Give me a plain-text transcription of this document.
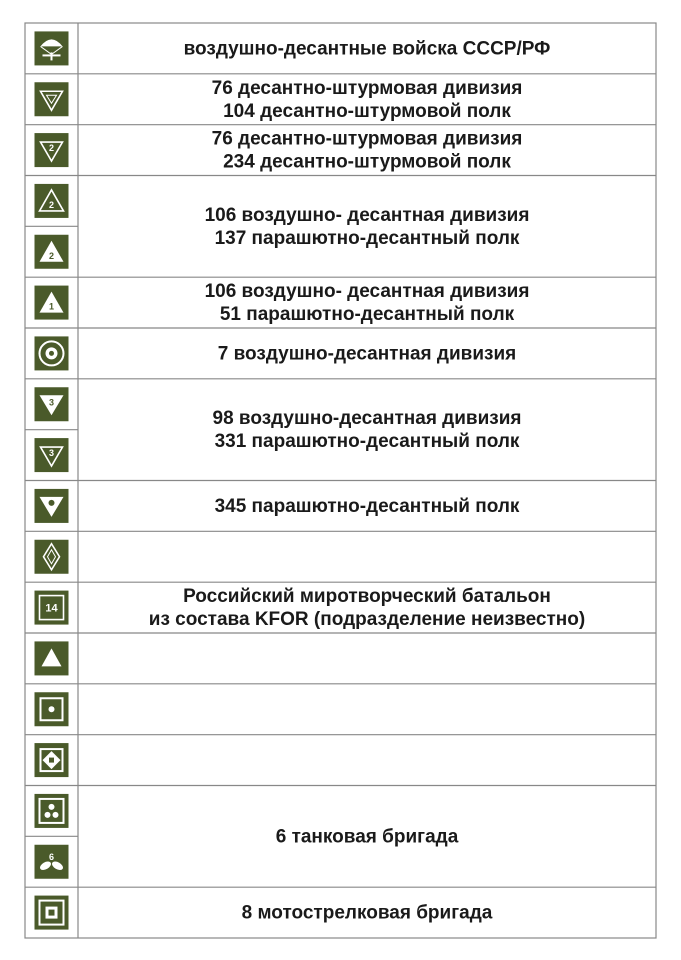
воздушно-десантные войска СССР/РФ
76 десантно-штурмовая дивизия
104 десантно-штурмовой полк
2	76 десантно-штурмовая дивизия
234 десантно-штурмовой полк
2
2
106 воздушно- десантная дивизия
137 парашютно-десантный полк
1
106 воздушно- десантная дивизия
51 парашютно-десантный полк
7 воздушно-десантная дивизия
3
3
98 воздушно-десантная дивизия
331 парашютно-десантный полк
345 парашютно-десантный полк
14
Российский миротворческий батальон
из состава KFOR (подразделение неизвестно)
6
6 танковая бригада
8 мотострелковая бригада
